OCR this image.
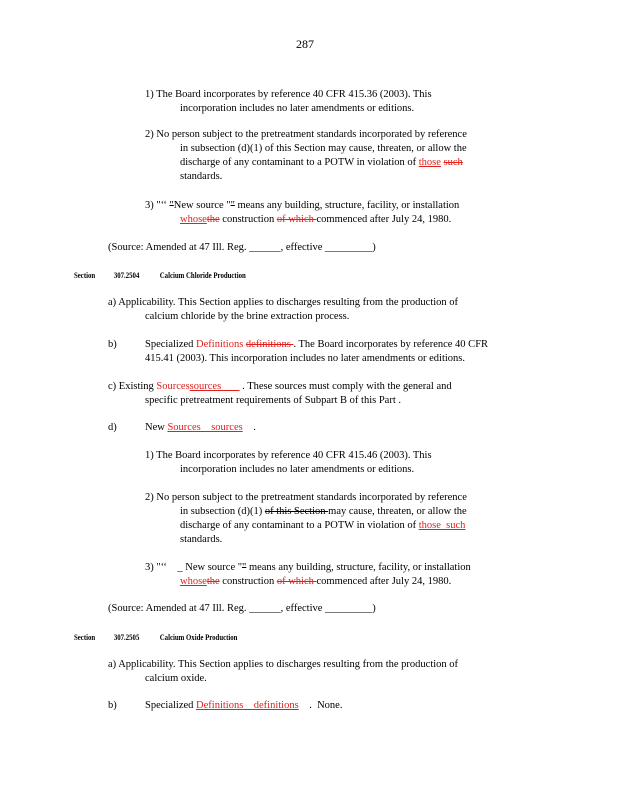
287
1) The Board incorporates by reference 40 CFR 415.36 (2003). This
incorporation includes no later amendments or editions.
2) No person subject to the pretreatment standards incorporated by reference
in subsection (d)(1) of this Section may cause, threaten, or allow the
discharge of any contaminant to a POTW in violation of those such
standards.
3) "‘‘ "New source "" means any building, structure, facility, or installation
whosethe construction of which commenced after July 24, 1980.
(Source: Amended at 47 Ill. Reg. ______, effective _________)
Section 307.2504	Calcium Chloride Production
a) Applicability. This Section applies to discharges resulting from the production of
calcium chloride by the brine extraction process.
b)	Specialized Definitions definitions . The Board incorporates by reference 40 CFR
415.41 (2003). This incorporation includes no later amendments or editions.
c) Existing Sourcessources        . These sources must comply with the general and
specific pretreatment requirements of Subpart B of this Part .
d)	New Sources    sources    .
1) The Board incorporates by reference 40 CFR 415.46 (2003). This
incorporation includes no later amendments or editions.
2) No person subject to the pretreatment standards incorporated by reference
in subsection (d)(1) of this Section may cause, threaten, or allow the
discharge of any contaminant to a POTW in violation of those  such
standards.
3) "‘‘    _ New source "" means any building, structure, facility, or installation
whosethe construction of which commenced after July 24, 1980.
(Source: Amended at 47 Ill. Reg. ______, effective _________)
Section 307.2505	Calcium Oxide Production
a) Applicability. This Section applies to discharges resulting from the production of
calcium oxide.
b)	Specialized Definitions    definitions    .  None.
